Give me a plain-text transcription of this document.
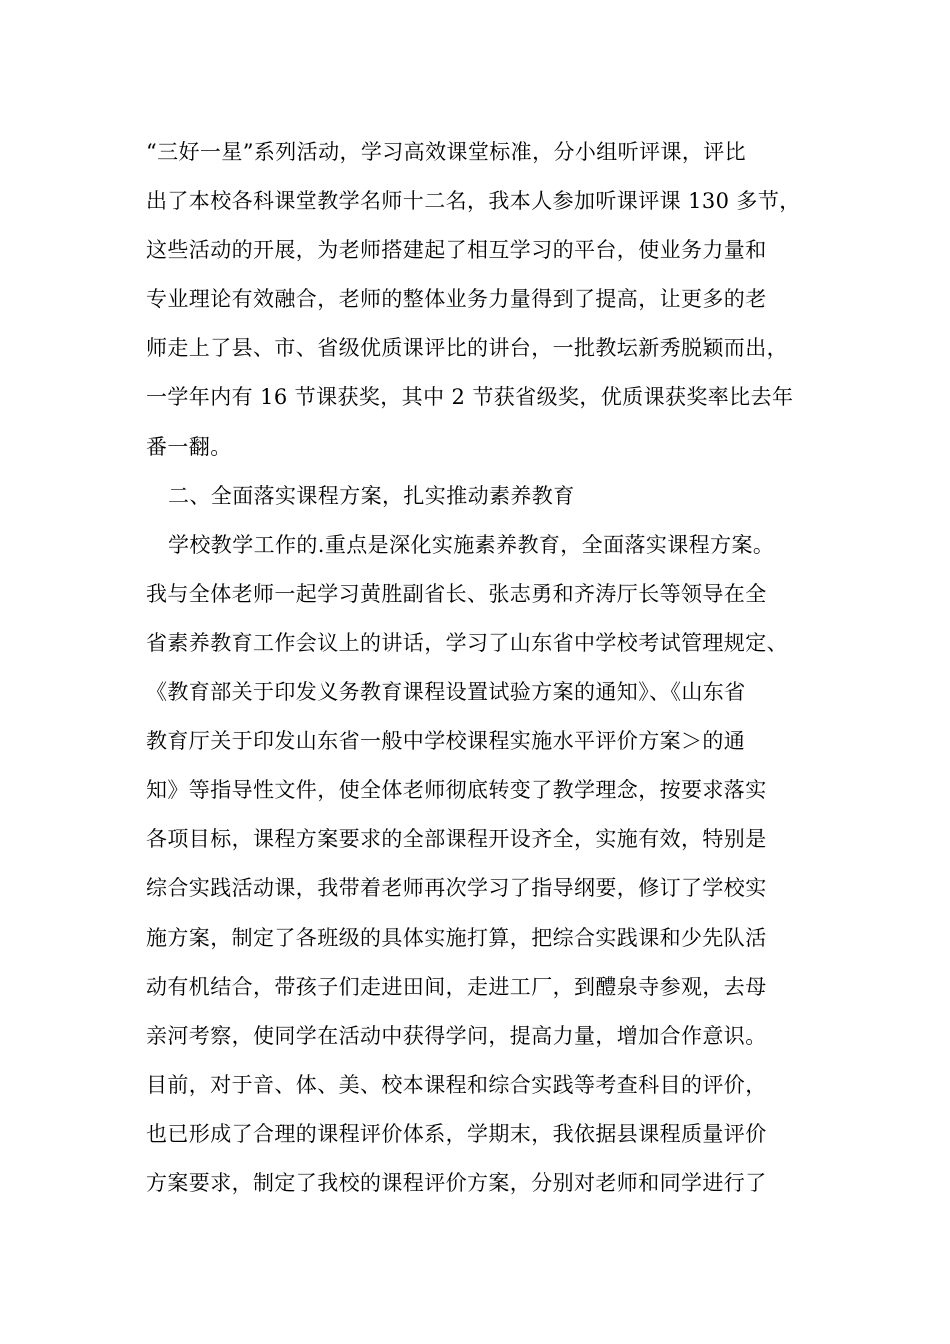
“三好一星”系列活动，学习高效课堂标准，分小组听评课，评比
出了本校各科课堂教学名师十二名，我本人参加听课评课 130 多节，
这些活动的开展，为老师搭建起了相互学习的平台，使业务力量和
专业理论有效融合，老师的整体业务力量得到了提高，让更多的老
师走上了县、市、省级优质课评比的讲台，一批教坛新秀脱颖而出，
一学年内有 16 节课获奖，其中 2 节获省级奖，优质课获奖率比去年
番一翻。
二、全面落实课程方案，扎实推动素养教育
学校教学工作的.重点是深化实施素养教育，全面落实课程方案。
我与全体老师一起学习黄胜副省长、张志勇和齐涛厅长等领导在全
省素养教育工作会议上的讲话，学习了山东省中学校考试管理规定、
《教育部关于印发义务教育课程设置试验方案的通知》、《山东省
教育厅关于印发山东省一般中学校课程实施水平评价方案＞的通
知》等指导性文件，使全体老师彻底转变了教学理念，按要求落实
各项目标，课程方案要求的全部课程开设齐全，实施有效，特别是
综合实践活动课，我带着老师再次学习了指导纲要，修订了学校实
施方案，制定了各班级的具体实施打算，把综合实践课和少先队活
动有机结合，带孩子们走进田间，走进工厂，到醴泉寺参观，去母
亲河考察，使同学在活动中获得学问，提高力量，增加合作意识。
目前，对于音、体、美、校本课程和综合实践等考查科目的评价，
也已形成了合理的课程评价体系，学期末，我依据县课程质量评价
方案要求，制定了我校的课程评价方案，分别对老师和同学进行了
